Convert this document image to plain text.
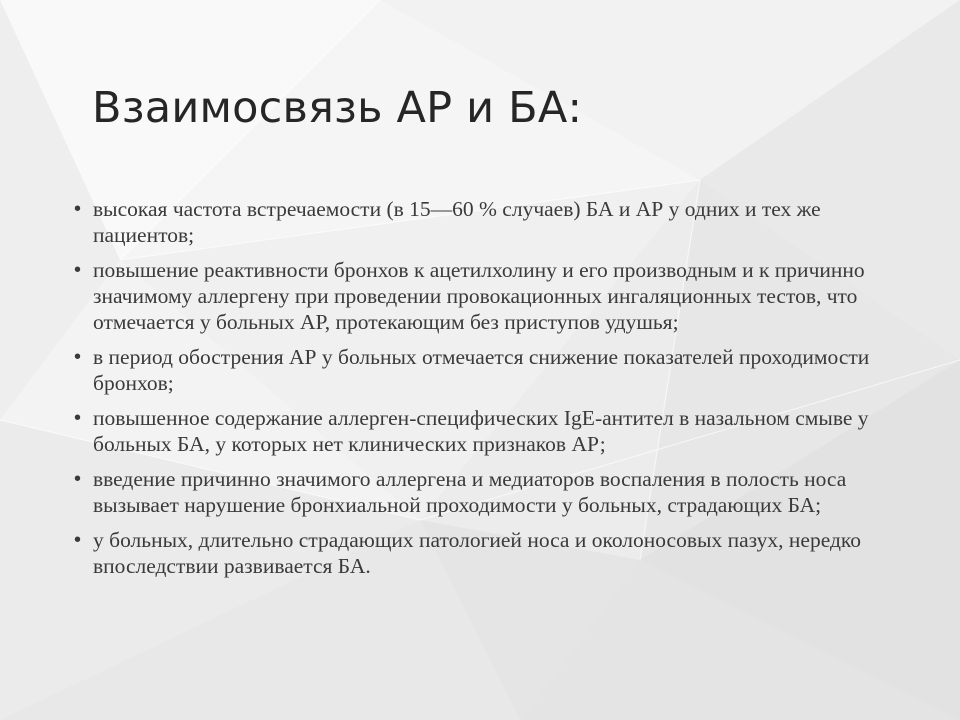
Взаимосвязь АР и БА:
• высокая частота встречаемости (в 15—60 % случаев) БА и АР у одних и тех же пациентов;
• повышение реактивности бронхов к ацетилхолину и его производным и к причинно значимому аллергену при проведении провокационных ингаляционных тестов, что отмечается у больных АР, протекающим без приступов удушья;
• в период обострения АР у больных отмечается снижение показателей проходимости бронхов;
• повышенное содержание аллерген-специфических IgE-антител в назальном смыве у больных БА, у которых нет клинических признаков АР;
• введение причинно значимого аллергена и медиаторов воспаления в полость носа вызывает нарушение бронхиальной проходимости у больных, страдающих БА;
• у больных, длительно страдающих патологией носа и околоносовых пазух, нередко впоследствии развивается БА.
